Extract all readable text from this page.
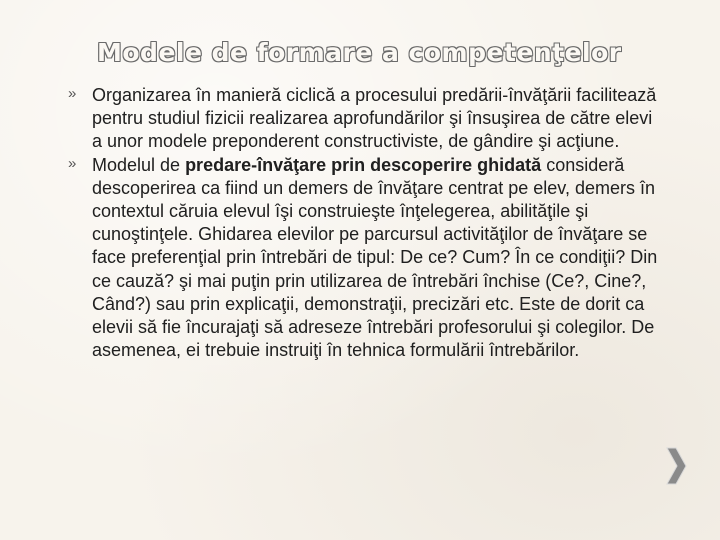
Modele de formare a competenţelor
» Organizarea în manieră ciclică a procesului predării-învăţării facilitează pentru studiul fizicii realizarea aprofundărilor şi însuşirea de către elevi a unor modele preponderent constructiviste, de gândire şi acţiune.
» Modelul de predare-învăţare prin descoperire ghidată consideră descoperirea ca fiind un demers de învăţare centrat pe elev, demers în contextul căruia elevul îşi construieşte înţelegerea, abilităţile şi cunoştinţele. Ghidarea elevilor pe parcursul activităţilor de învăţare se face preferenţial prin întrebări de tipul: De ce? Cum? În ce condiţii? Din ce cauză? şi mai puţin prin utilizarea de întrebări închise (Ce?, Cine?, Când?) sau prin explicaţii, demonstraţii, precizări etc. Este de dorit ca elevii să fie încurajaţi să adreseze întrebări profesorului şi colegilor. De asemenea, ei trebuie instruiţi în tehnica formulării întrebărilor.
